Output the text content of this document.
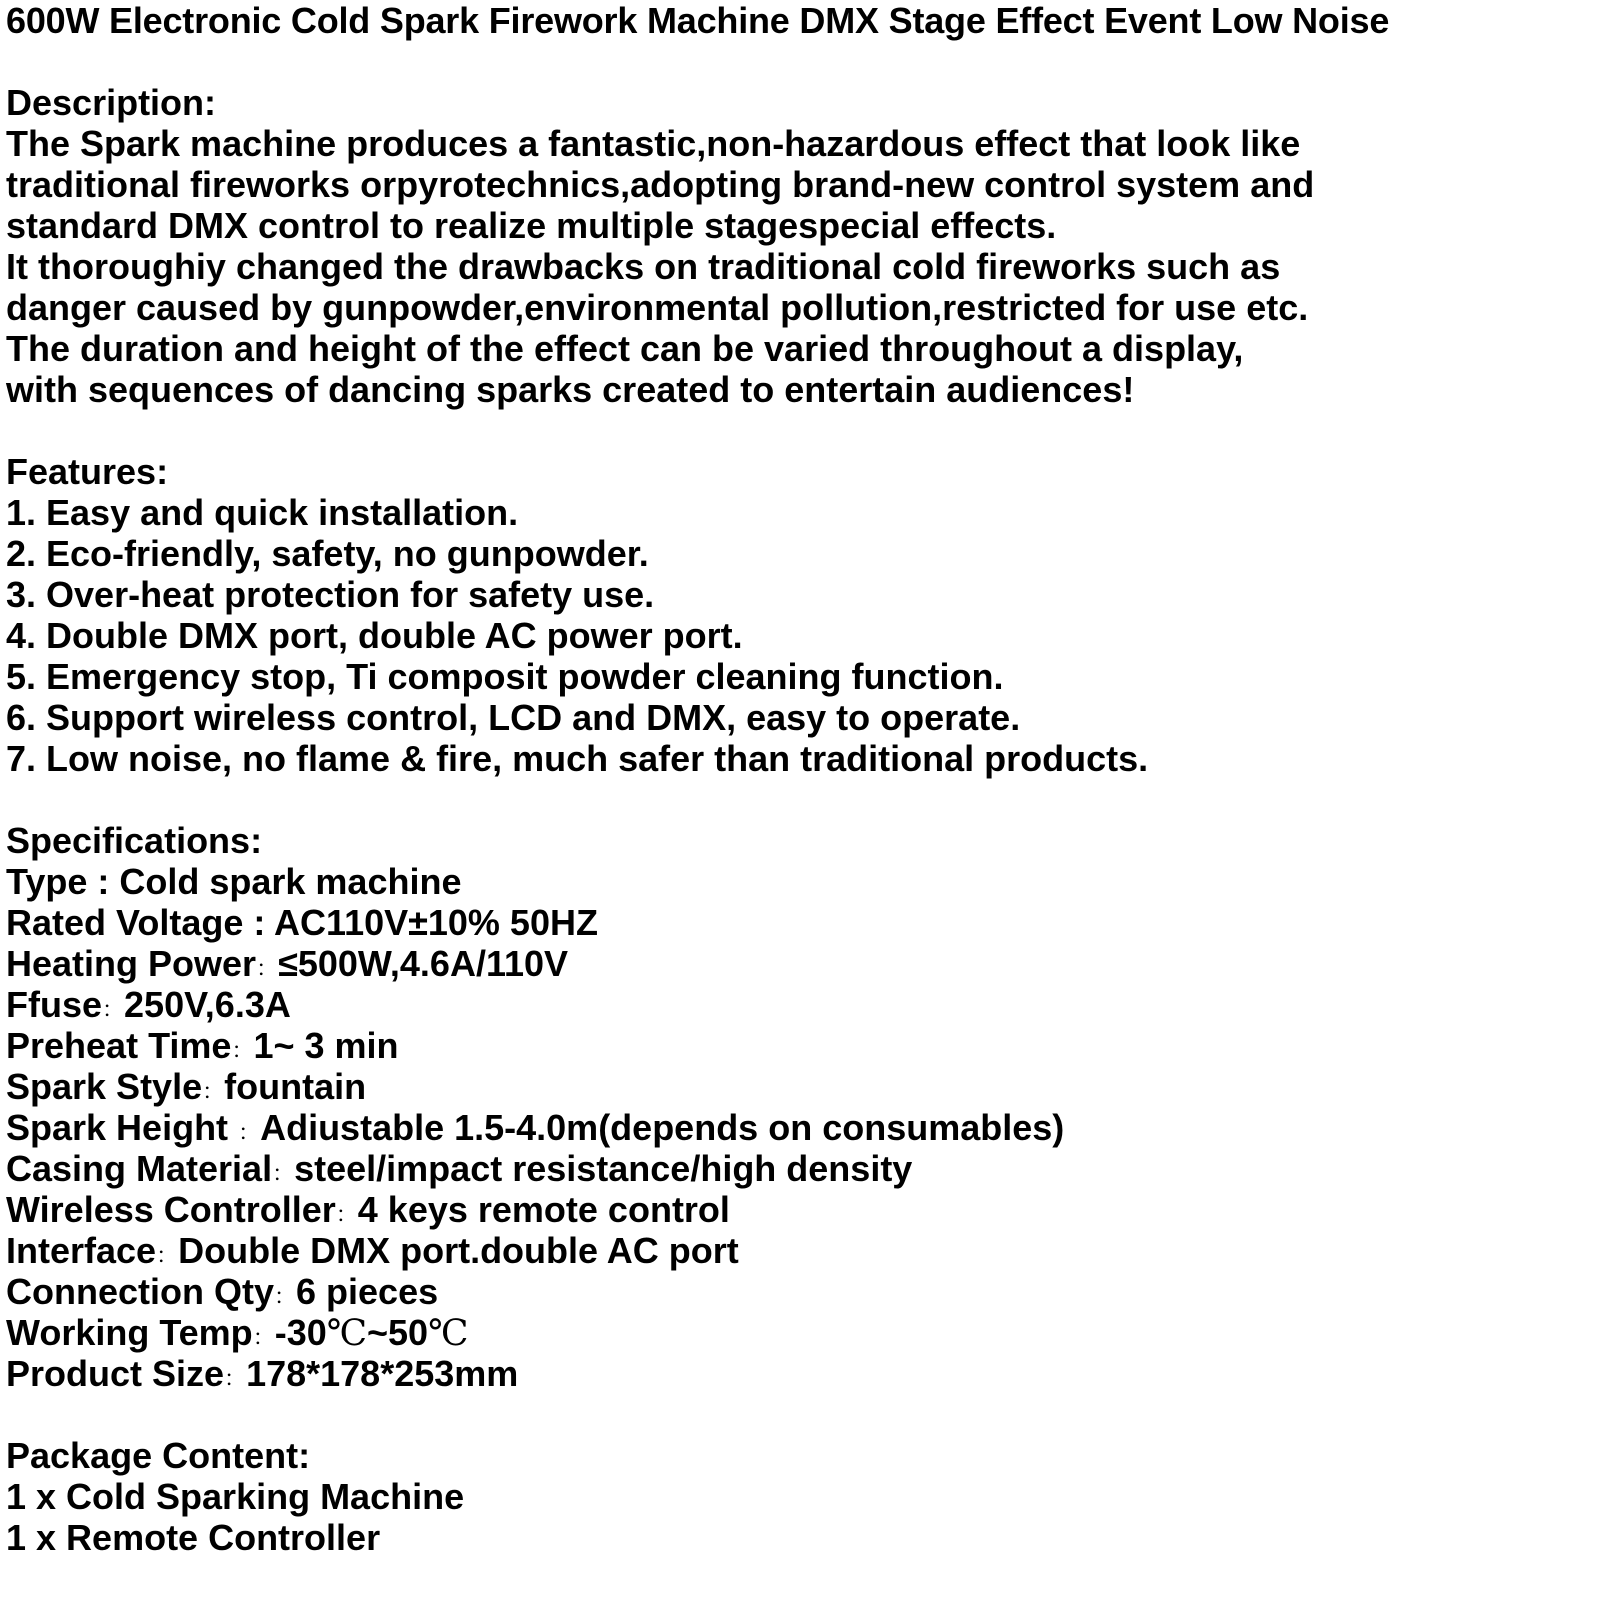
600W Electronic Cold Spark Firework Machine DMX Stage Effect Event Low Noise
Description:
The Spark machine produces a fantastic,non-hazardous effect that look like
traditional fireworks orpyrotechnics,adopting brand-new control system and
standard DMX control to realize multiple stagespecial effects.
It thoroughiy changed the drawbacks on traditional cold fireworks such as
danger caused by gunpowder,environmental pollution,restricted for use etc.
The duration and height of the effect can be varied throughout a display,
with sequences of dancing sparks created to entertain audiences!
Features:
1. Easy and quick installation.
2. Eco-friendly, safety, no gunpowder.
3. Over-heat protection for safety use.
4. Double DMX port, double AC power port.
5. Emergency stop, Ti composit powder cleaning function.
6. Support wireless control, LCD and DMX, easy to operate.
7. Low noise, no flame & fire, much safer than traditional products.
Specifications:
Type : Cold spark machine
Rated Voltage : AC110V±10% 50HZ
Heating Power：≤500W,4.6A/110V
Ffuse：250V,6.3A
Preheat Time：1~ 3 min
Spark Style：fountain
Spark Height ：Adiustable 1.5-4.0m(depends on consumables)
Casing Material：steel/impact resistance/high density
Wireless Controller：4 keys remote control
Interface：Double DMX port.double AC port
Connection Qty：6 pieces
Working Temp：-30℃~50℃
Product Size：178*178*253mm
Package Content:
1 x Cold Sparking Machine
1 x Remote Controller
